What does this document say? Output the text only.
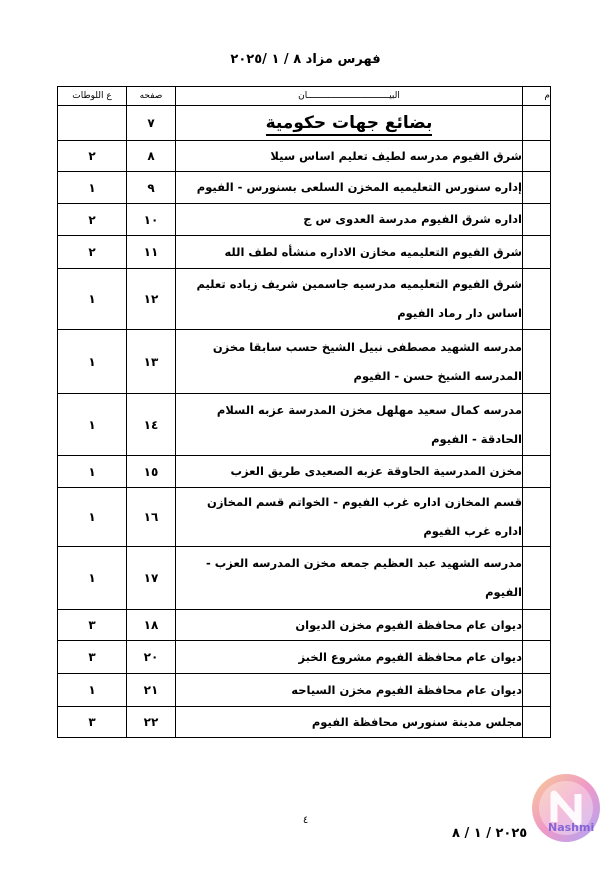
فهرس مزاد ٨ / ١ /٢٠٢٥
م	البيـــــــــــــــــــــــــــــــان	صفحه	ع اللوطات
	بضائع جهات حكومية	٧	
	شرق الفيوم مدرسه لطيف تعليم اساس سيلا	٨	٢
	إداره سنورس التعليميه المخزن السلعى بسنورس - الفيوم	٩	١
	اداره شرق الفيوم مدرسة العدوى س ج	١٠	٢
	شرق الفيوم التعليميه مخازن الاداره منشأه لطف الله	١١	٢
	شرق الفيوم التعليميه مدرسيه جاسمين شريف زياده تعليم اساس دار رماد الفيوم	١٢	١
	مدرسه الشهيد مصطفى نبيل الشيخ حسب سابقا مخزن المدرسه الشيخ حسن - الفيوم	١٣	١
	مدرسه كمال سعيد مهلهل مخزن المدرسة عزبه السلام الحادقة - الفيوم	١٤	١
	مخزن المدرسية الحاوقة عزبه الصعيدى طريق العزب	١٥	١
	قسم المخازن اداره غرب الفيوم - الخواتم قسم المخازن اداره غرب الفيوم	١٦	١
	مدرسه الشهيد عبد العظيم جمعه مخزن المدرسه العزب - الفيوم	١٧	١
	ديوان عام محافظة الفيوم مخزن الديوان	١٨	٣
	ديوان عام محافظة الفيوم مشروع الخبز	٢٠	٣
	ديوان عام محافظة الفيوم مخزن السياحه	٢١	١
	مجلس مدينة سنورس محافظة الفيوم	٢٢	٣
٤
٢٠٢٥ / ١ / ٨ Nashmi
